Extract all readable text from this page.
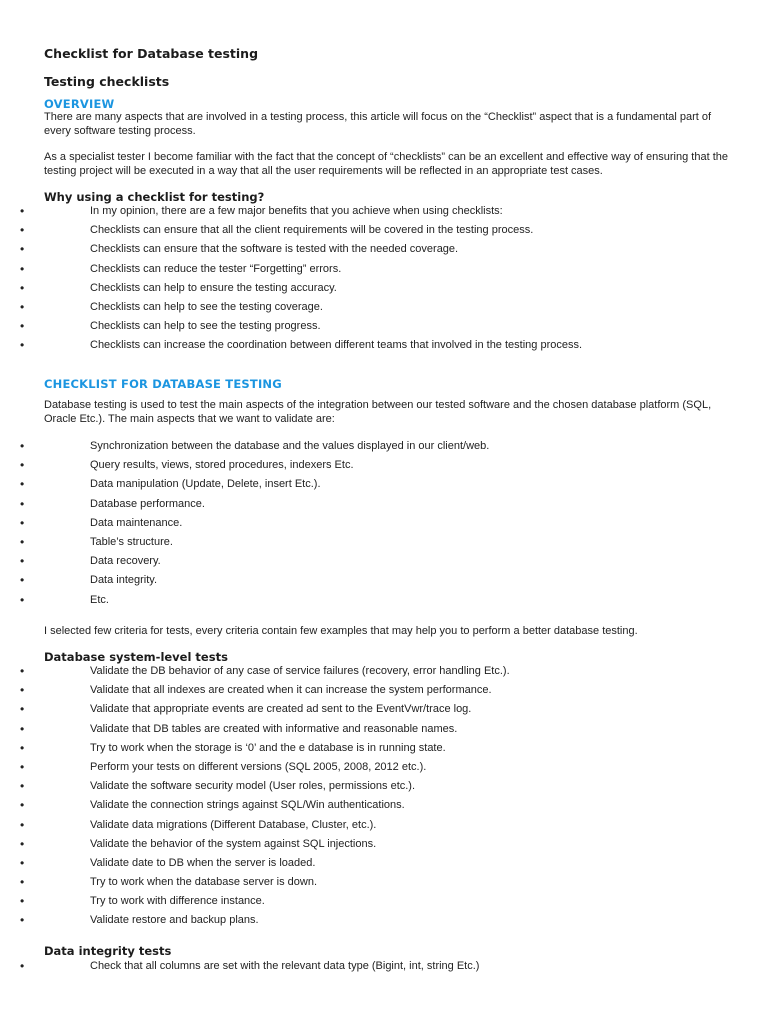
Checklist for Database testing
Testing checklists
OVERVIEW
There are many aspects that are involved in a testing process, this article will focus on the “Checklist” aspect that is a fundamental part of every software testing process.
As a specialist tester I become familiar with the fact that the concept of “checklists” can be an excellent and effective way of ensuring that the testing project will be executed in a way that all the user requirements will be reflected in an appropriate test cases.
Why using a checklist for testing?
•	In my opinion, there are a few major benefits that you achieve when using checklists:
•	Checklists can ensure that all the client requirements will be covered in the testing process.
•	Checklists can ensure that the software is tested with the needed coverage.
•	Checklists can reduce the tester “Forgetting” errors.
•	Checklists can help to ensure the testing accuracy.
•	Checklists can help to see the testing coverage.
•	Checklists can help to see the testing progress.
•	Checklists can increase the coordination between different teams that involved in the testing process.
CHECKLIST FOR DATABASE TESTING
Database testing is used to test the main aspects of the integration between our tested software and the chosen database platform (SQL, Oracle Etc.). The main aspects that we want to validate are:
•	Synchronization between the database and the values displayed in our client/web.
•	Query results, views, stored procedures, indexers Etc.
•	Data manipulation (Update, Delete, insert Etc.).
•	Database performance.
•	Data maintenance.
•	Table’s structure.
•	Data recovery.
•	Data integrity.
•	Etc.
I selected few criteria for tests, every criteria contain few examples that may help you to perform a better database testing.
Database system-level tests
•	Validate the DB behavior of any case of service failures (recovery, error handling Etc.).
•	Validate that all indexes are created when it can increase the system performance.
•	Validate that appropriate events are created ad sent to the EventVwr/trace log.
•	Validate that DB tables are created with informative and reasonable names.
•	Try to work when the storage is ‘0’ and the e database is in running state.
•	Perform your tests on different versions (SQL 2005, 2008, 2012 etc.).
•	Validate the software security model (User roles, permissions etc.).
•	Validate the connection strings against SQL/Win authentications.
•	Validate data migrations (Different Database, Cluster, etc.).
•	Validate the behavior of the system against SQL injections.
•	Validate date to DB when the server is loaded.
•	Try to work when the database server is down.
•	Try to work with difference instance.
•	Validate restore and backup plans.
Data integrity tests
•	Check that all columns are set with the relevant data type (Bigint, int, string Etc.)
